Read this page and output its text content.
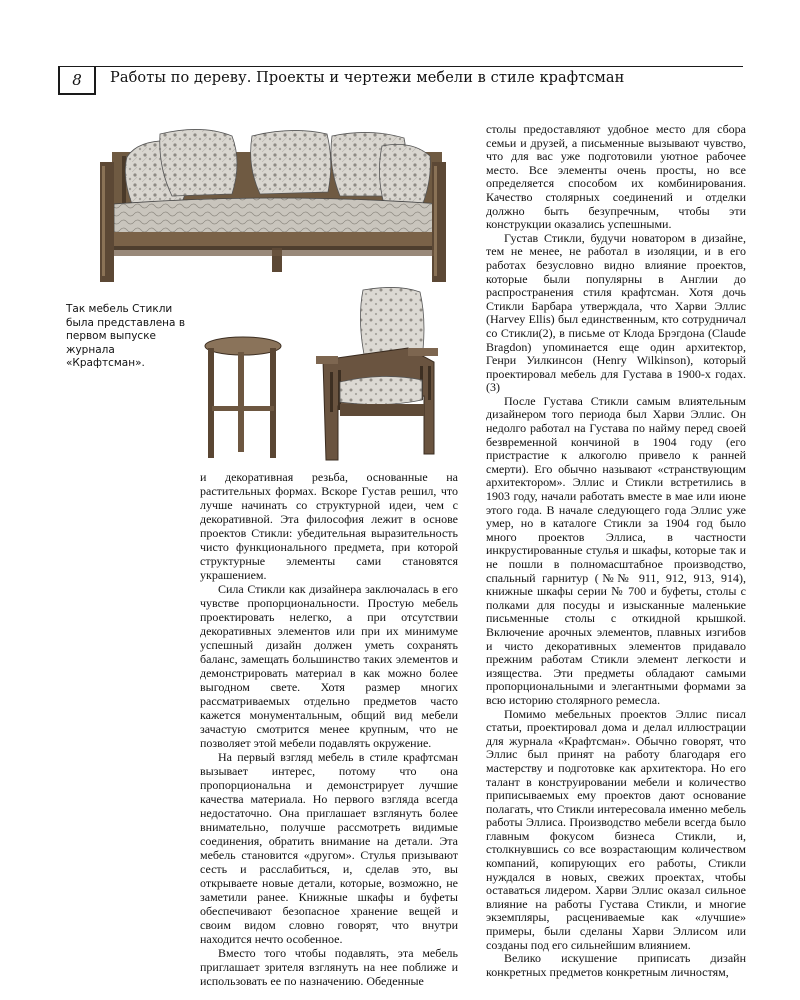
8	Работы по дереву. Проекты и чертежи мебели в стиле крафтсман
Так мебель Стикли была представлена в первом выпуске журнала «Крафтсман».

и декоративная резьба, основанные на растительных формах. Вскоре Густав решил, что лучше начинать со структурной идеи, чем с декоративной. Эта философия лежит в основе проектов Стикли: убедительная выразительность чисто функционального предмета, при которой структурные элементы сами становятся украшением.

Сила Стикли как дизайнера заключалась в его чувстве пропорциональности. Простую мебель проектировать нелегко, а при отсутствии декоративных элементов или при их минимуме успешный дизайн должен уметь сохранять баланс, замещать большинство таких элементов и демонстрировать материал в как можно более выгодном свете. Хотя размер многих рассматриваемых отдельно предметов часто кажется монументальным, общий вид мебели зачастую смотрится менее крупным, что не позволяет этой мебели подавлять окружение.

На первый взгляд мебель в стиле крафтсман вызывает интерес, потому что она пропорциональна и демонстрирует лучшие качества материала. Но первого взгляда всегда недостаточно. Она приглашает взглянуть более внимательно, получше рассмотреть видимые соединения, обратить внимание на детали. Эта мебель становится «другом». Стулья призывают сесть и расслабиться, и, сделав это, вы открываете новые детали, которые, возможно, не заметили ранее. Книжные шкафы и буфеты обеспечивают безопасное хранение вещей и своим видом словно говорят, что внутри находится нечто особенное.

Вместо того чтобы подавлять, эта мебель приглашает зрителя взглянуть на нее поближе и использовать ее по назначению. Обеденные

столы предоставляют удобное место для сбора семьи и друзей, а письменные вызывают чувство, что для вас уже подготовили уютное рабочее место. Все элементы очень просты, но все определяется способом их комбинирования. Качество столярных соединений и отделки должно быть безупречным, чтобы эти конструкции оказались успешными.

Густав Стикли, будучи новатором в дизайне, тем не менее, не работал в изоляции, и в его работах безусловно видно влияние проектов, которые были популярны в Англии до распространения стиля крафтсман. Хотя дочь Стикли Барбара утверждала, что Харви Эллис (Harvey Ellis) был единственным, кто сотрудничал со Стикли(2), в письме от Клода Брэгдона (Claude Bragdon) упоминается еще один архитектор, Генри Уилкинсон (Henry Wilkinson), который проектировал мебель для Густава в 1900-х годах.(3)

После Густава Стикли самым влиятельным дизайнером того периода был Харви Эллис. Он недолго работал на Густава по найму перед своей безвременной кончиной в 1904 году (его пристрастие к алкоголю привело к ранней смерти). Его обычно называют «странствующим архитектором». Эллис и Стикли встретились в 1903 году, начали работать вместе в мае или июне этого года. В начале следующего года Эллис уже умер, но в каталоге Стикли за 1904 год было много проектов Эллиса, в частности инкрустированные стулья и шкафы, которые так и не пошли в полномасштабное производство, спальный гарнитур (№№ 911, 912, 913, 914), книжные шкафы серии № 700 и буфеты, столы с полками для посуды и изысканные маленькие письменные столы с откидной крышкой. Включение арочных элементов, плавных изгибов и чисто декоративных элементов придавало прежним работам Стикли элемент легкости и изящества. Эти предметы обладают самыми пропорциональными и элегантными формами за всю историю столярного ремесла.

Помимо мебельных проектов Эллис писал статьи, проектировал дома и делал иллюстрации для журнала «Крафтсман». Обычно говорят, что Эллис был принят на работу благодаря его мастерству и подготовке как архитектора. Но его талант в конструировании мебели и количество приписываемых ему проектов дают основание полагать, что Стикли интересовала именно мебель работы Эллиса. Производство мебели всегда было главным фокусом бизнеса Стикли, и, столкнувшись со все возрастающим количеством компаний, копирующих его работы, Стикли нуждался в новых, свежих проектах, чтобы оставаться лидером. Харви Эллис оказал сильное влияние на работы Густава Стикли, и многие экземпляры, расцениваемые как «лучшие» примеры, были сделаны Харви Эллисом или созданы под его сильнейшим влиянием.

Велико искушение приписать дизайн конкретных предметов конкретным личностям,
